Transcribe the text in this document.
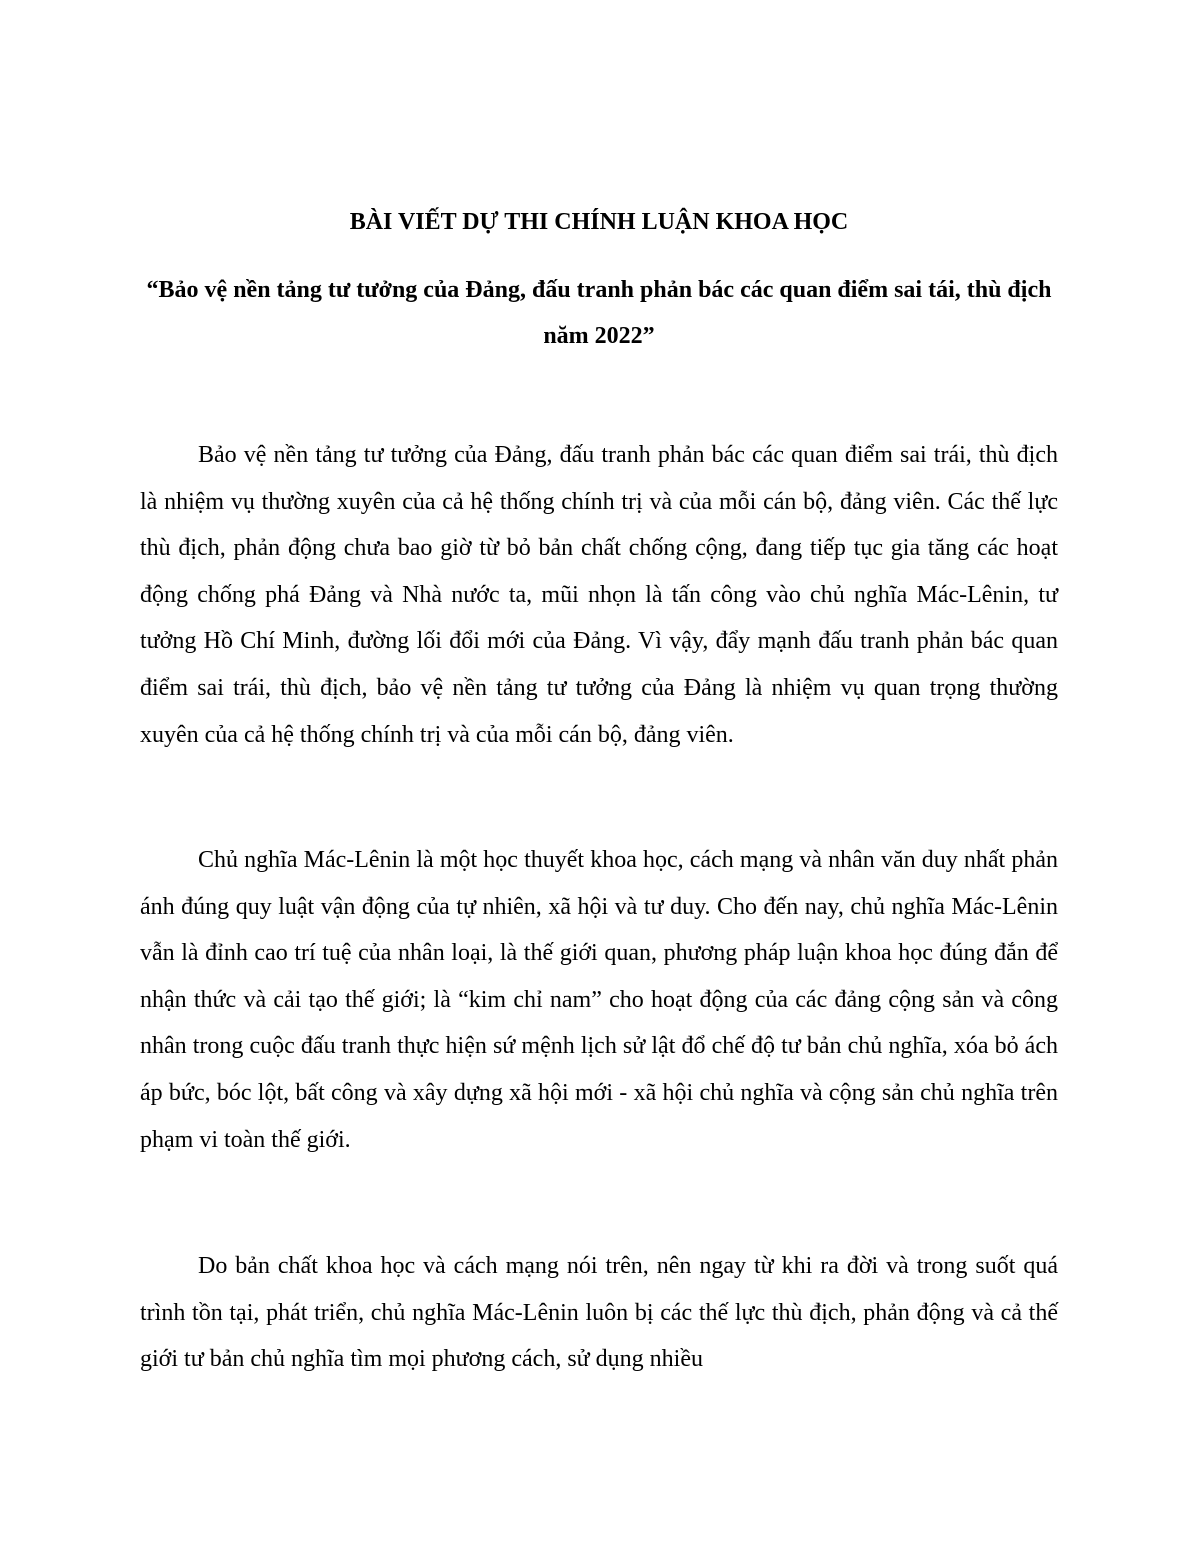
BÀI VIẾT DỰ THI CHÍNH LUẬN KHOA HỌC
“Bảo vệ nền tảng tư tưởng của Đảng, đấu tranh phản bác các quan điểm sai tái, thù địch năm 2022”

Bảo vệ nền tảng tư tưởng của Đảng, đấu tranh phản bác các quan điểm sai trái, thù địch là nhiệm vụ thường xuyên của cả hệ thống chính trị và của mỗi cán bộ, đảng viên. Các thế lực thù địch, phản động chưa bao giờ từ bỏ bản chất chống cộng, đang tiếp tục gia tăng các hoạt động chống phá Đảng và Nhà nước ta, mũi nhọn là tấn công vào chủ nghĩa Mác-Lênin, tư tưởng Hồ Chí Minh, đường lối đổi mới của Đảng. Vì vậy, đẩy mạnh đấu tranh phản bác quan điểm sai trái, thù địch, bảo vệ nền tảng tư tưởng của Đảng là nhiệm vụ quan trọng thường xuyên của cả hệ thống chính trị và của mỗi cán bộ, đảng viên.

Chủ nghĩa Mác-Lênin là một học thuyết khoa học, cách mạng và nhân văn duy nhất phản ánh đúng quy luật vận động của tự nhiên, xã hội và tư duy. Cho đến nay, chủ nghĩa Mác-Lênin vẫn là đỉnh cao trí tuệ của nhân loại, là thế giới quan, phương pháp luận khoa học đúng đắn để nhận thức và cải tạo thế giới; là “kim chỉ nam” cho hoạt động của các đảng cộng sản và công nhân trong cuộc đấu tranh thực hiện sứ mệnh lịch sử lật đổ chế độ tư bản chủ nghĩa, xóa bỏ ách áp bức, bóc lột, bất công và xây dựng xã hội mới - xã hội chủ nghĩa và cộng sản chủ nghĩa trên phạm vi toàn thế giới.

Do bản chất khoa học và cách mạng nói trên, nên ngay từ khi ra đời và trong suốt quá trình tồn tại, phát triển, chủ nghĩa Mác-Lênin luôn bị các thế lực thù địch, phản động và cả thế giới tư bản chủ nghĩa tìm mọi phương cách, sử dụng nhiều
